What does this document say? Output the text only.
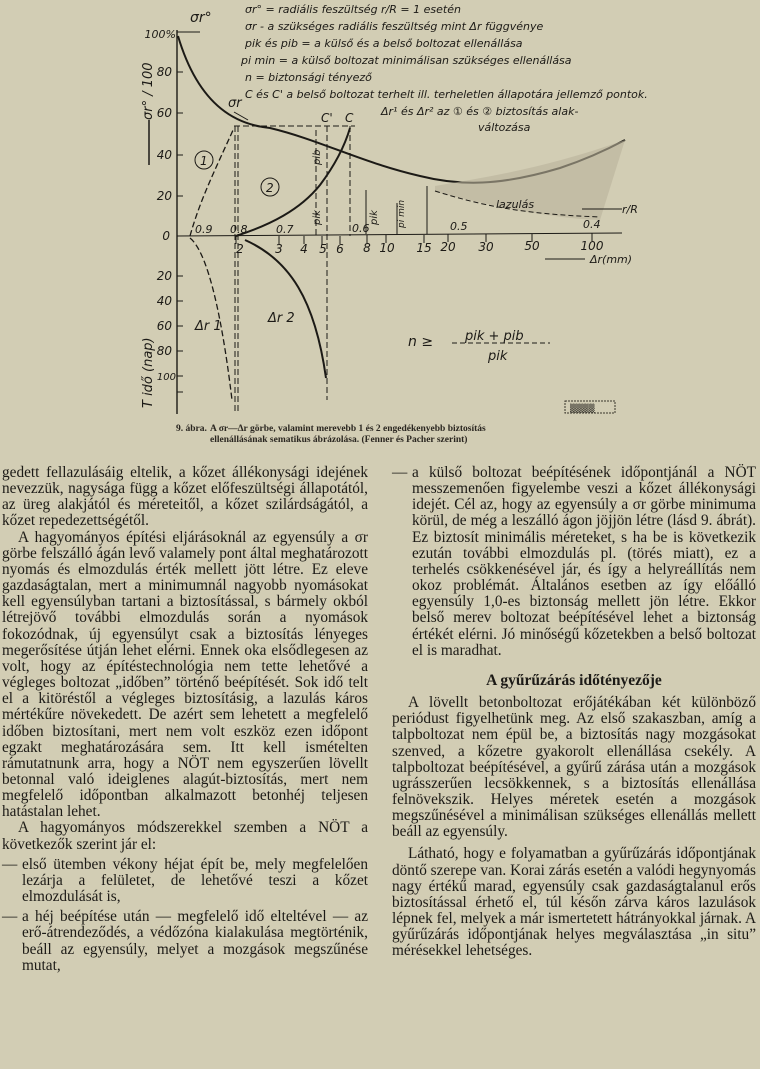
σr° = radiális feszültség r/R = 1 esetén
σr - a szükséges radiális feszültség mint Δr függvénye
pik és pib = a külső és a belső boltozat ellenállása
pi min = a külső boltozat minimálisan szükséges ellenállása
n = biztonsági tényező
C és C' a belső boltozat terhelt ill. terheletlen állapotára jellemző pontok.
Δr¹ és Δr² az ① és ② biztosítás alak-
változása
100%
80
60
40
20
0
20
40
60
80
100
σr° / 100
T idő (nap)
σr°
σr
lazulás	r/R
C' C
1
2
pib
pik	pik pi min
0.9 0.8	0.7	0.6	0.5	0.4
2	3 4 5 6 8 10 15 20 30	50	100
Δr(mm)
Δr 1
Δr 2
n ≥ pik + pib
pik
▒▒▒▒
9. ábra. A σr—Δr görbe, valamint merevebb 1 és 2 engedékenyebb biztosítás
ellenállásának sematikus ábrázolása. (Fenner és Pacher szerint)

gedett fellazulásáig eltelik, a kőzet állékonysági idejének nevezzük, nagysága függ a kőzet előfeszültségi állapotától, az üreg alakjától és méreteitől, a kőzet szilárdságától, a kőzet repedezettségétől.

A hagyományos építési eljárásoknál az egyensúly a σr görbe felszálló ágán levő valamely pont által meghatározott nyomás és elmozdulás érték mellett jött létre. Ez eleve gazdaságtalan, mert a minimumnál nagyobb nyomásokat kell egyensúlyban tartani a biztosítással, s bármely okból létrejövő további elmozdulás során a nyomások fokozódnak, új egyensúlyt csak a biztosítás lényeges megerősítése útján lehet elérni. Ennek oka elsődlegesen az volt, hogy az építéstechnológia nem tette lehetővé a végleges boltozat „időben” történő beépítését. Sok idő telt el a kitöréstől a végleges biztosításig, a lazulás káros mértékűre növekedett. De azért sem lehetett a megfelelő időben biztosítani, mert nem volt eszköz ezen időpont egzakt meghatározására sem. Itt kell ismételten rámutatnunk arra, hogy a NÖT nem egyszerűen lövellt betonnal való ideiglenes alagút-biztosítás, mert nem megfelelő időpontban alkalmazott betonhéj teljesen hatástalan lehet.

A hagyományos módszerekkel szemben a NÖT a következők szerint jár el:

— első ütemben vékony héjat épít be, mely megfelelően lezárja a felületet, de lehetővé teszi a kőzet elmozdulását is,
— a héj beépítése után — megfelelő idő elteltével — az erő-átrendeződés, a védőzóna kialakulása megtörténik, beáll az egyensúly, melyet a mozgások megszűnése mutat,
— a külső boltozat beépítésének időpontjánál a NÖT messzemenően figyelembe veszi a kőzet állékonysági idejét. Cél az, hogy az egyensúly a σr görbe minimuma körül, de még a leszálló ágon jöjjön létre (lásd 9. ábrát). Ez biztosít minimális méreteket, s ha be is következik ezután további elmozdulás pl. (törés miatt), ez a terhelés csökkenésével jár, és így a helyreállítás nem okoz problémát. Általános esetben az így előálló egyensúly 1,0-es biztonság mellett jön létre. Ekkor belső merev boltozat beépítésével lehet a biztonság értékét elérni. Jó minőségű kőzetekben a belső boltozat el is maradhat.
A gyűrűzárás időtényezője

A lövellt betonboltozat erőjátékában két különböző periódust figyelhetünk meg. Az első szakaszban, amíg a talpboltozat nem épül be, a biztosítás nagy mozgásokat szenved, a kőzetre gyakorolt ellenállása csekély. A talpboltozat beépítésével, a gyűrű zárása után a mozgások ugrásszerűen lecsökkennek, s a biztosítás ellenállása felnövekszik. Helyes méretek esetén a mozgások megszűnésével a minimálisan szükséges ellenállás mellett beáll az egyensúly.

Látható, hogy e folyamatban a gyűrűzárás időpontjának döntő szerepe van. Korai zárás esetén a valódi hegynyomás nagy értékű marad, egyensúly csak gazdaságtalanul erős biztosítással érhető el, túl későn zárva káros lazulások lépnek fel, melyek a már ismertetett hátrányokkal járnak. A gyűrűzárás időpontjának helyes megválasztása „in situ” mérésekkel lehetséges.
